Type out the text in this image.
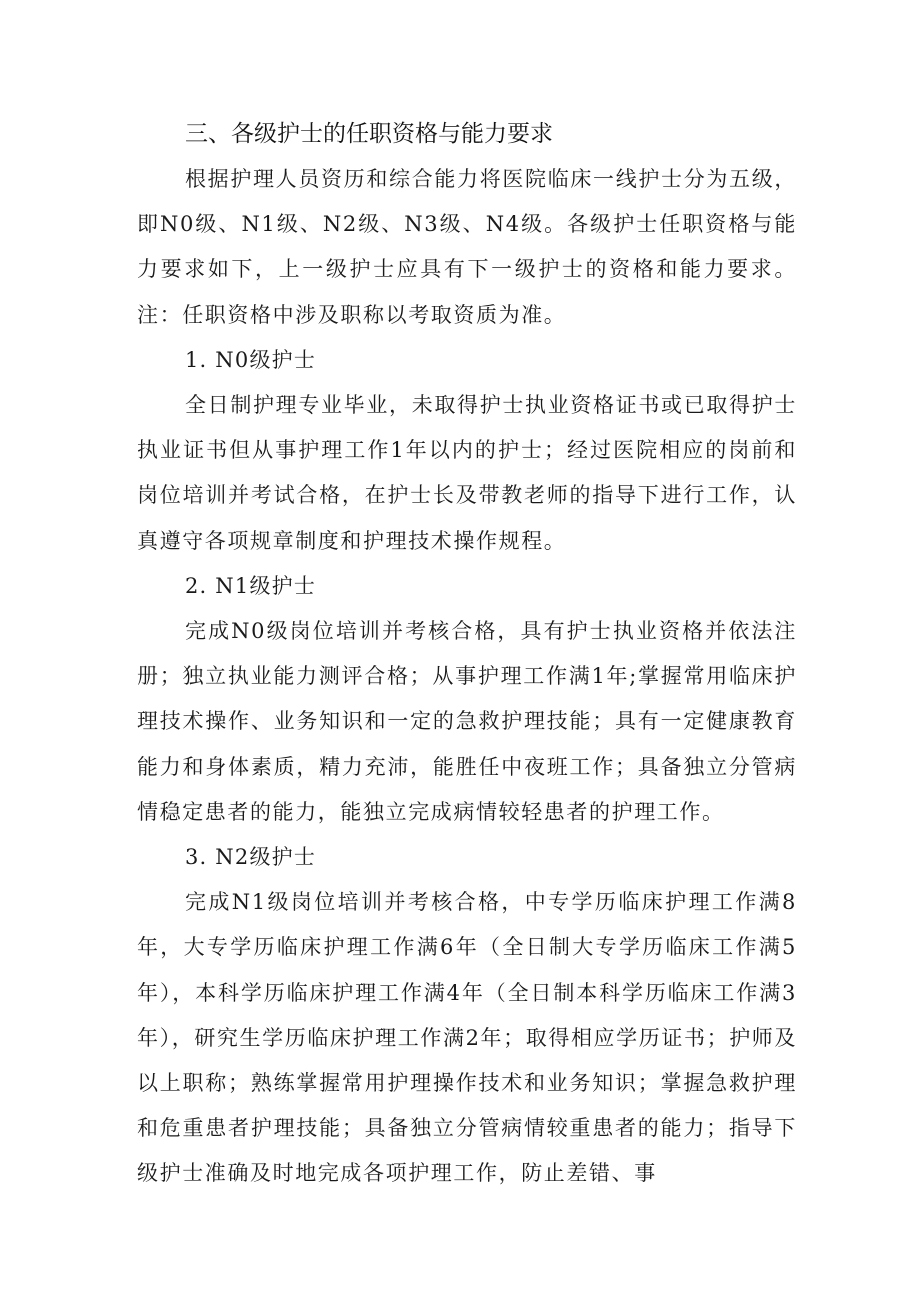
三、各级护士的任职资格与能力要求

根据护理人员资历和综合能力将医院临床一线护士分为五级，即N0级、N1级、N2级、N3级、N4级。各级护士任职资格与能力要求如下，上一级护士应具有下一级护士的资格和能力要求。注：任职资格中涉及职称以考取资质为准。

1. N0级护士

全日制护理专业毕业，未取得护士执业资格证书或已取得护士执业证书但从事护理工作1年以内的护士；经过医院相应的岗前和岗位培训并考试合格，在护士长及带教老师的指导下进行工作，认真遵守各项规章制度和护理技术操作规程。

2. N1级护士

完成N0级岗位培训并考核合格，具有护士执业资格并依法注册；独立执业能力测评合格；从事护理工作满1年;掌握常用临床护理技术操作、业务知识和一定的急救护理技能；具有一定健康教育能力和身体素质，精力充沛，能胜任中夜班工作；具备独立分管病情稳定患者的能力，能独立完成病情较轻患者的护理工作。

3. N2级护士

完成N1级岗位培训并考核合格，中专学历临床护理工作满8年，大专学历临床护理工作满6年（全日制大专学历临床工作满5年），本科学历临床护理工作满4年（全日制本科学历临床工作满3年），研究生学历临床护理工作满2年；取得相应学历证书；护师及以上职称；熟练掌握常用护理操作技术和业务知识；掌握急救护理和危重患者护理技能；具备独立分管病情较重患者的能力；指导下级护士准确及时地完成各项护理工作，防止差错、事
